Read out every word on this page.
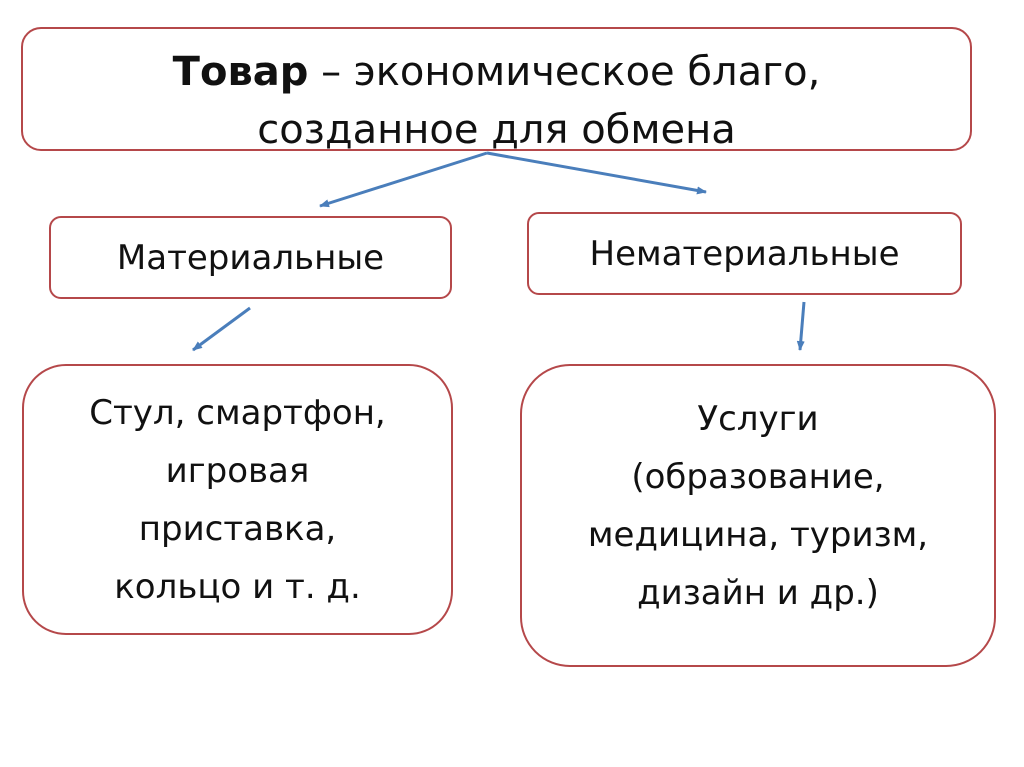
Товар – экономическое благо,
созданное для обмена
Материальные	Нематериальные
Стул, смартфон,
игровая
приставка,
кольцо и т. д.
Услуги
(образование,
медицина, туризм,
дизайн и др.)
